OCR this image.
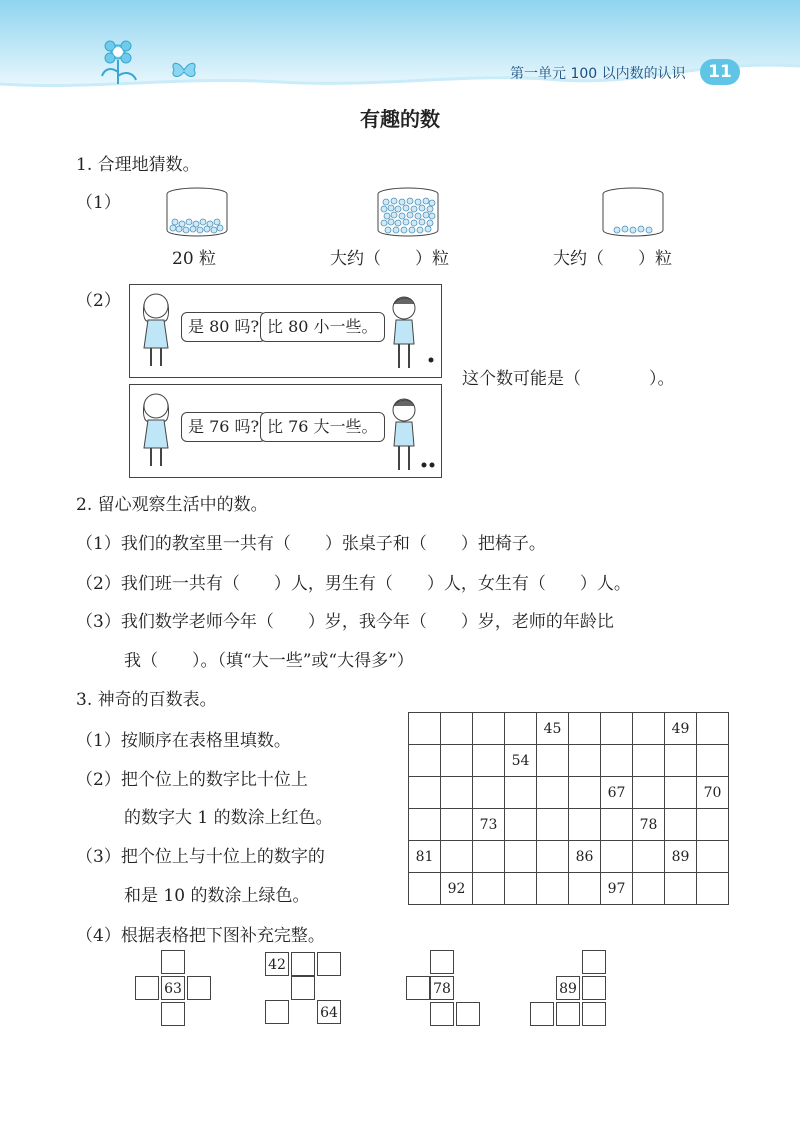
第一单元 100 以内数的认识	11
有趣的数
1. 合理地猜数。
（1）
20 粒	大约（　　）粒	大约（　　）粒
（2）
是 80 吗? 比 80 小一些。
是 76 吗? 比 76 大一些。
这个数可能是（　　　　）。
2. 留心观察生活中的数。
（1）我们的教室里一共有（　　）张桌子和（　　）把椅子。
（2）我们班一共有（　　）人，男生有（　　）人，女生有（　　）人。
（3）我们数学老师今年（　　）岁，我今年（　　）岁，老师的年龄比
我（　　）。（填“大一些”或“大得多”）
3. 神奇的百数表。
（1）按顺序在表格里填数。
（2）把个位上的数字比十位上
的数字大 1 的数涂上红色。
（3）把个位上与十位上的数字的
和是 10 的数涂上绿色。
（4）根据表格把下图补充完整。
				45				49	
			54						
						67			70
		73					78		
81					86			89	
	92					97			
63
42
64
78	89
